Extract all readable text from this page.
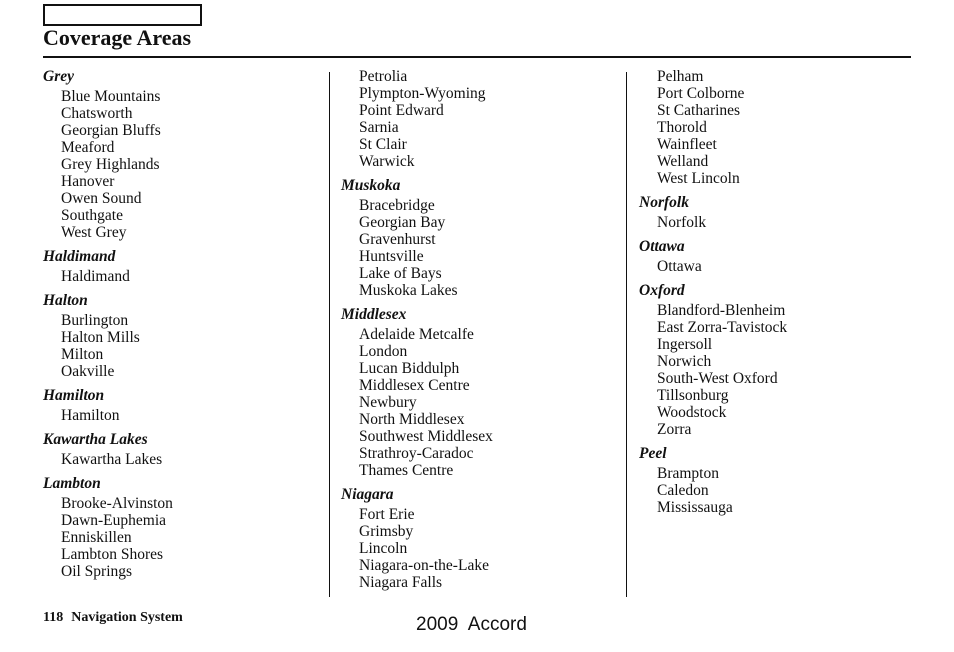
Coverage Areas
Grey
Blue Mountains
Chatsworth
Georgian Bluffs
Meaford
Grey Highlands
Hanover
Owen Sound
Southgate
West Grey
Haldimand
Haldimand
Halton
Burlington
Halton Mills
Milton
Oakville
Hamilton
Hamilton
Kawartha Lakes
Kawartha Lakes
Lambton
Brooke-Alvinston
Dawn-Euphemia
Enniskillen
Lambton Shores
Oil Springs
Petrolia
Plympton-Wyoming
Point Edward
Sarnia
St Clair
Warwick
Muskoka
Bracebridge
Georgian Bay
Gravenhurst
Huntsville
Lake of Bays
Muskoka Lakes
Middlesex
Adelaide Metcalfe
London
Lucan Biddulph
Middlesex Centre
Newbury
North Middlesex
Southwest Middlesex
Strathroy-Caradoc
Thames Centre
Niagara
Fort Erie
Grimsby
Lincoln
Niagara-on-the-Lake
Niagara Falls
Pelham
Port Colborne
St Catharines
Thorold
Wainfleet
Welland
West Lincoln
Norfolk
Norfolk
Ottawa
Ottawa
Oxford
Blandford-Blenheim
East Zorra-Tavistock
Ingersoll
Norwich
South-West Oxford
Tillsonburg
Woodstock
Zorra
Peel
Brampton
Caledon
Mississauga
118 Navigation System	2009  Accord
